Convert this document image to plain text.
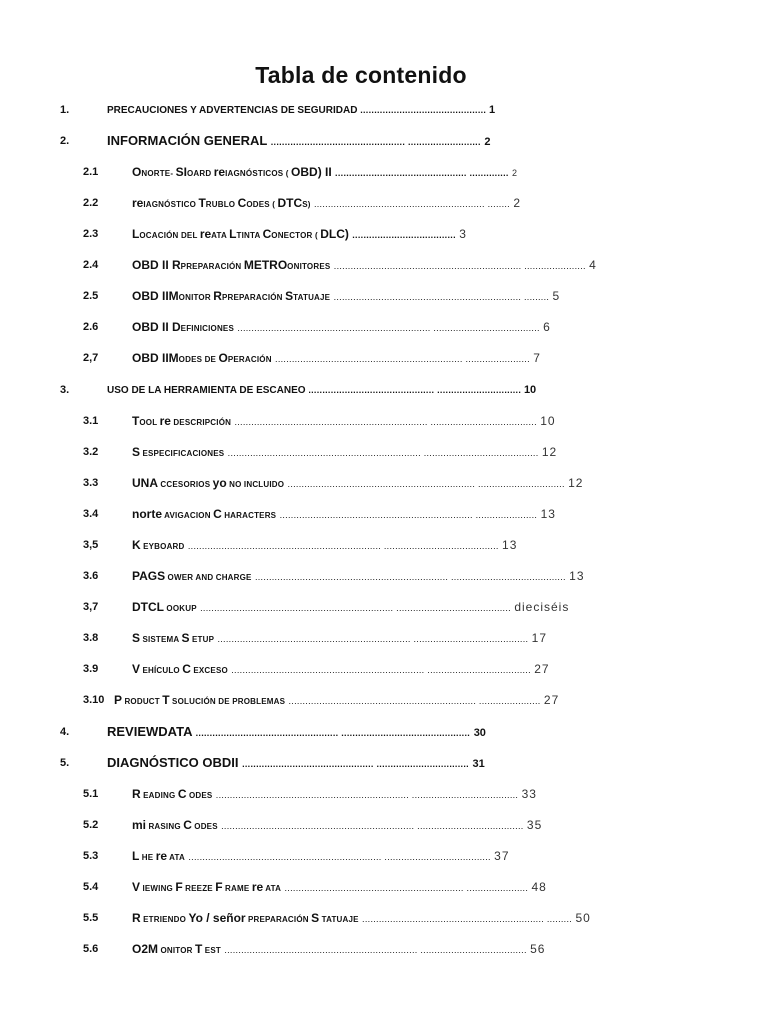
Tabla de contenido
1.	PRECAUCIONES Y ADVERTENCIAS DE SEGURIDAD ............................................. 1
2.	INFORMACIÓN GENERAL ................................................ .......................... 2
2.1	ONORTE- SIOARD reIAGNÓSTICOS ( OBD) II ............................................... .............. 2
2.2	reIAGNÓSTICO TRUBLO CODES ( DTCS) ............................................................. ........ 2
2.3	LOCACIÓN DEL reATA LTINTA CONECTOR ( DLC) ..................................... 3
2.4	OBD II RPREPARACIÓN METROONITORES ................................................................... ...................... 4
2.5	OBD IIMONITOR RPREPARACIÓN STATUAJE ................................................................... ......... 5
2.6	OBD II DEFINICIONES ..................................................................... ...................................... 6
2,7	OBD IIMODES DE OPERACIÓN ................................................................... ....................... 7
3.	USO DE LA HERRAMIENTA DE ESCANEO ............................................. .............................. 10
3.1	TOOL re DESCRIPCIÓN ..................................................................... ...................................... 10
3.2	S ESPECIFICACIONES ..................................................................... ......................................... 12
3.3	UNA CCESORIOS yo NO INCLUIDO ................................................................... ............................... 12
3.4	norte AVIGACION C HARACTERS ..................................................................... ...................... 13
3,5	K EYBOARD ..................................................................... ......................................... 13
3.6	PAGS OWER AND CHARGE ..................................................................... ......................................... 13
3,7	DTCL OOKUP ..................................................................... ......................................... dieciséis
3.8	S SISTEMA S ETUP ..................................................................... ......................................... 17
3.9	V EHÍCULO C EXCESO ..................................................................... ..................................... 27
3.10 P RODUCT T SOLUCIÓN DE PROBLEMAS ................................................................... ...................... 27
4.	REVIEWDATA ................................................... .............................................. 30
5.	DIAGNÓSTICO OBDII ............................................... ................................. 31
5.1	R EADING C ODES ..................................................................... ...................................... 33
5.2	mi RASING C ODES ..................................................................... ...................................... 35
5.3	L HE re ATA ..................................................................... ...................................... 37
5.4	V IEWING F REEZE F RAME re ATA ................................................................ ...................... 48
5.5	R ETRIENDO Yo / señor PREPARACIÓN S TATUAJE ................................................................. ......... 50
5.6	O2M ONITOR T EST ..................................................................... ...................................... 56
